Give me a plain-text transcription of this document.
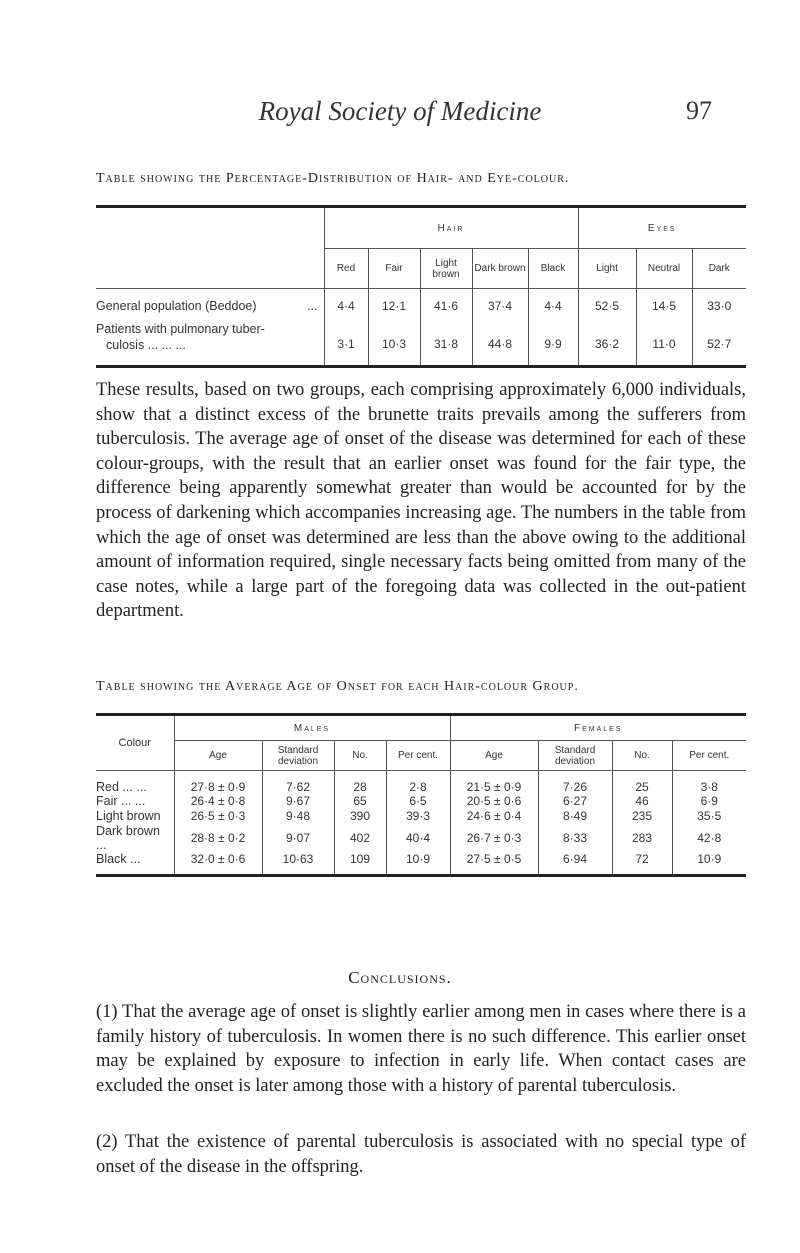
Royal Society of Medicine	97
Table showing the Percentage-Distribution of Hair- and Eye-colour.
	Hair					Eyes		
	Red	Fair	Light brown	Dark brown	Black	Light	Neutral	Dark
General population (Beddoe) ...	4·4	12·1	41·6	37·4	4·4	52·5	14·5	33·0

Patients with pulmonary tuber-
culosis ... ... ...	3·1	10·3	31·8	44·8	9·9	36·2	11·0	52·7
These results, based on two groups, each comprising approximately 6,000 individuals, show that a distinct excess of the brunette traits prevails among the sufferers from tuberculosis. The average age of onset of the disease was determined for each of these colour-groups, with the result that an earlier onset was found for the fair type, the difference being apparently somewhat greater than would be accounted for by the process of darkening which accompanies increasing age. The numbers in the table from which the age of onset was determined are less than the above owing to the additional amount of information required, single necessary facts being omitted from many of the case notes, while a large part of the foregoing data was collected in the out-patient department.
Table showing the Average Age of Onset for each Hair-colour Group.
Colour	Males				Females			
	Age	Standard deviation	No.	Per cent.	Age	Standard deviation	No.	Per cent.
Red ... ...	27·8 ± 0·9	7·62	28	2·8	21·5 ± 0·9	7·26	25	3·8
Fair ... ...	26·4 ± 0·8	9·67	65	6·5	20·5 ± 0·6	6·27	46	6·9
Light brown	26·5 ± 0·3	9·48	390	39·3	24·6 ± 0·4	8·49	235	35·5
Dark brown ...	28·8 ± 0·2	9·07	402	40·4	26·7 ± 0·3	8·33	283	42·8
Black ...	32·0 ± 0·6	10·63	109	10·9	27·5 ± 0·5	6·94	72	10·9
Conclusions.
(1) That the average age of onset is slightly earlier among men in cases where there is a family history of tuberculosis. In women there is no such difference. This earlier onset may be explained by exposure to infection in early life. When contact cases are excluded the onset is later among those with a history of parental tuberculosis.
(2) That the existence of parental tuberculosis is associated with no special type of onset of the disease in the offspring.
